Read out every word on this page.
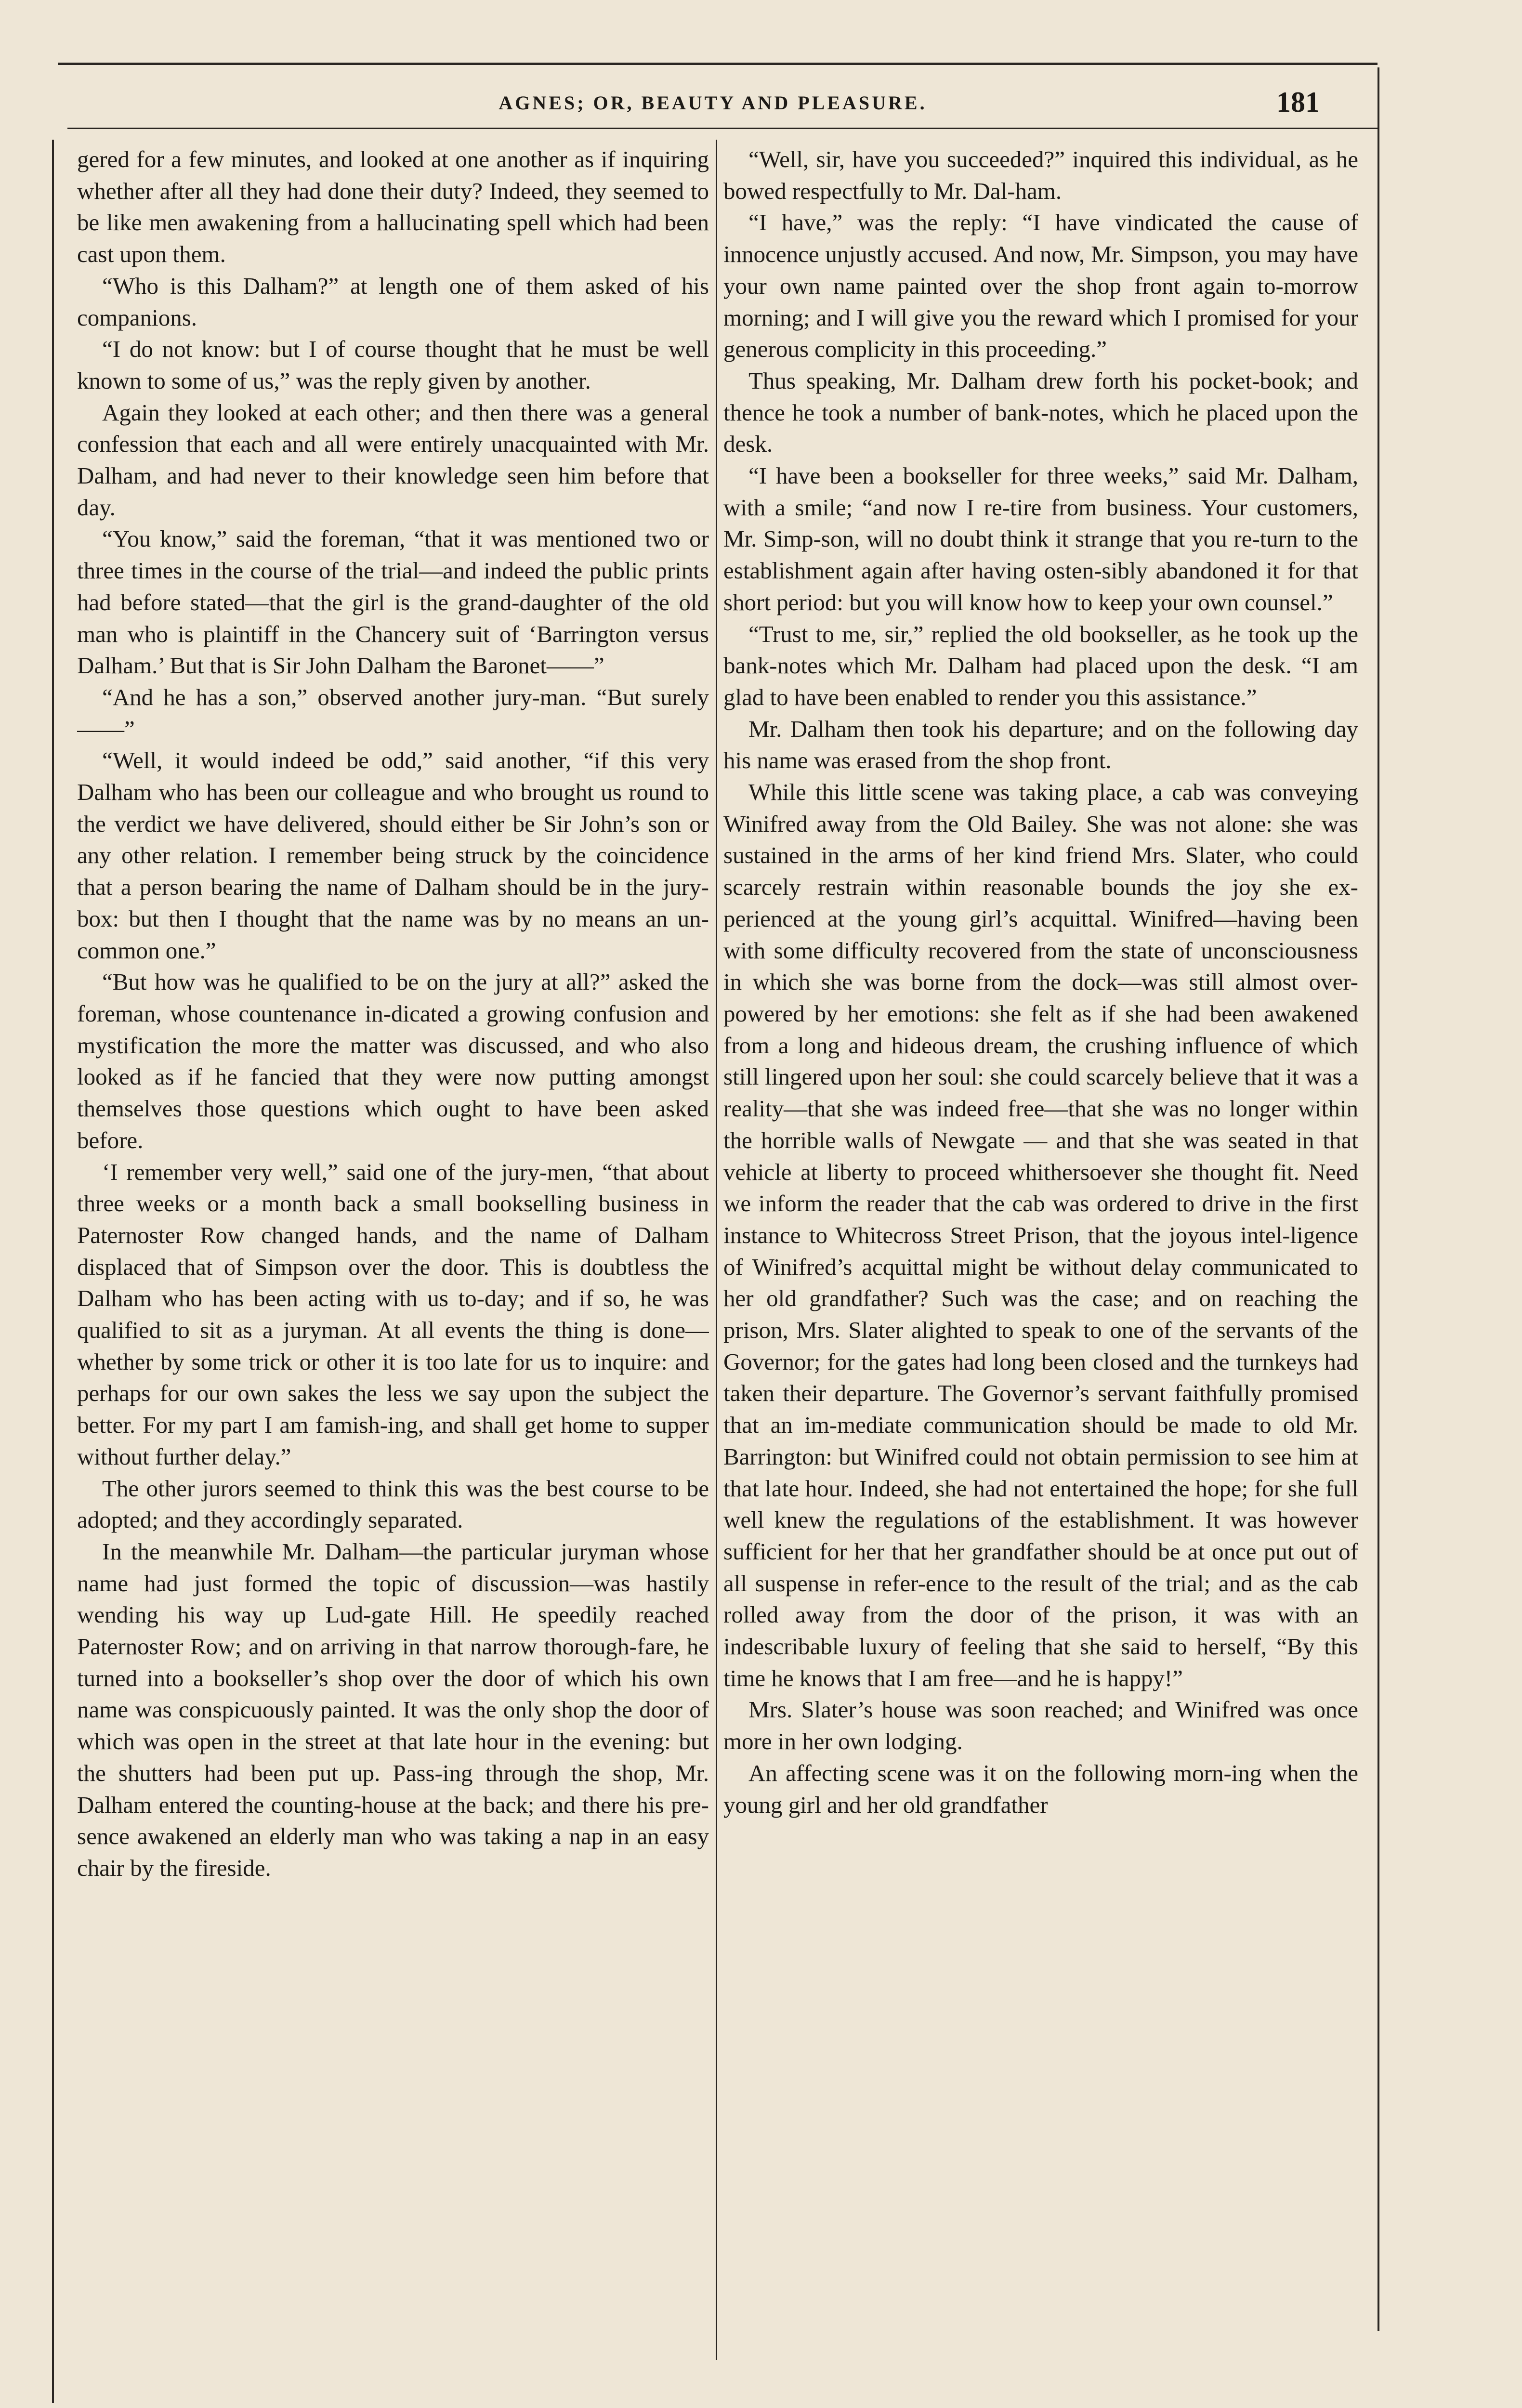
AGNES; OR, BEAUTY AND PLEASURE.	181

gered for a few minutes, and looked at one another as if inquiring whether after all they had done their duty? Indeed, they seemed to be like men awakening from a hallucinating spell which had been cast upon them.

“Who is this Dalham?” at length one of them asked of his companions.

“I do not know: but I of course thought that he must be well known to some of us,” was the reply given by another.

Again they looked at each other; and then there was a general confession that each and all were entirely unacquainted with Mr. Dalham, and had never to their knowledge seen him before that day.

“You know,” said the foreman, “that it was mentioned two or three times in the course of the trial—and indeed the public prints had before stated—that the girl is the grand-daughter of the old man who is plaintiff in the Chancery suit of ‘Barrington versus Dalham.’ But that is Sir John Dalham the Baronet——”

“And he has a son,” observed another jury-man. “But surely——”

“Well, it would indeed be odd,” said another, “if this very Dalham who has been our colleague and who brought us round to the verdict we have delivered, should either be Sir John’s son or any other relation. I remember being struck by the coincidence that a person bearing the name of Dalham should be in the jury-box: but then I thought that the name was by no means an un-common one.”

“But how was he qualified to be on the jury at all?” asked the foreman, whose countenance in-dicated a growing confusion and mystification the more the matter was discussed, and who also looked as if he fancied that they were now putting amongst themselves those questions which ought to have been asked before.

‘I remember very well,” said one of the jury-men, “that about three weeks or a month back a small bookselling business in Paternoster Row changed hands, and the name of Dalham displaced that of Simpson over the door. This is doubtless the Dalham who has been acting with us to-day; and if so, he was qualified to sit as a juryman. At all events the thing is done—whether by some trick or other it is too late for us to inquire: and perhaps for our own sakes the less we say upon the subject the better. For my part I am famish-ing, and shall get home to supper without further delay.”

The other jurors seemed to think this was the best course to be adopted; and they accordingly separated.

In the meanwhile Mr. Dalham—the particular juryman whose name had just formed the topic of discussion—was hastily wending his way up Lud-gate Hill. He speedily reached Paternoster Row; and on arriving in that narrow thorough-fare, he turned into a bookseller’s shop over the door of which his own name was conspicuously painted. It was the only shop the door of which was open in the street at that late hour in the evening: but the shutters had been put up. Pass-ing through the shop, Mr. Dalham entered the counting-house at the back; and there his pre-sence awakened an elderly man who was taking a nap in an easy chair by the fireside.

“Well, sir, have you succeeded?” inquired this individual, as he bowed respectfully to Mr. Dal-ham.

“I have,” was the reply: “I have vindicated the cause of innocence unjustly accused. And now, Mr. Simpson, you may have your own name painted over the shop front again to-morrow morning; and I will give you the reward which I promised for your generous complicity in this proceeding.”

Thus speaking, Mr. Dalham drew forth his pocket-book; and thence he took a number of bank-notes, which he placed upon the desk.

“I have been a bookseller for three weeks,” said Mr. Dalham, with a smile; “and now I re-tire from business. Your customers, Mr. Simp-son, will no doubt think it strange that you re-turn to the establishment again after having osten-sibly abandoned it for that short period: but you will know how to keep your own counsel.”

“Trust to me, sir,” replied the old bookseller, as he took up the bank-notes which Mr. Dalham had placed upon the desk. “I am glad to have been enabled to render you this assistance.”

Mr. Dalham then took his departure; and on the following day his name was erased from the shop front.

While this little scene was taking place, a cab was conveying Winifred away from the Old Bailey. She was not alone: she was sustained in the arms of her kind friend Mrs. Slater, who could scarcely restrain within reasonable bounds the joy she ex-perienced at the young girl’s acquittal. Winifred—having been with some difficulty recovered from the state of unconsciousness in which she was borne from the dock—was still almost over-powered by her emotions: she felt as if she had been awakened from a long and hideous dream, the crushing influence of which still lingered upon her soul: she could scarcely believe that it was a reality—that she was indeed free—that she was no longer within the horrible walls of Newgate — and that she was seated in that vehicle at liberty to proceed whithersoever she thought fit. Need we inform the reader that the cab was ordered to drive in the first instance to Whitecross Street Prison, that the joyous intel-ligence of Winifred’s acquittal might be without delay communicated to her old grandfather? Such was the case; and on reaching the prison, Mrs. Slater alighted to speak to one of the servants of the Governor; for the gates had long been closed and the turnkeys had taken their departure. The Governor’s servant faithfully promised that an im-mediate communication should be made to old Mr. Barrington: but Winifred could not obtain permission to see him at that late hour. Indeed, she had not entertained the hope; for she full well knew the regulations of the establishment. It was however sufficient for her that her grandfather should be at once put out of all suspense in refer-ence to the result of the trial; and as the cab rolled away from the door of the prison, it was with an indescribable luxury of feeling that she said to herself, “By this time he knows that I am free—and he is happy!”

Mrs. Slater’s house was soon reached; and Winifred was once more in her own lodging.

An affecting scene was it on the following morn-ing when the young girl and her old grandfather
